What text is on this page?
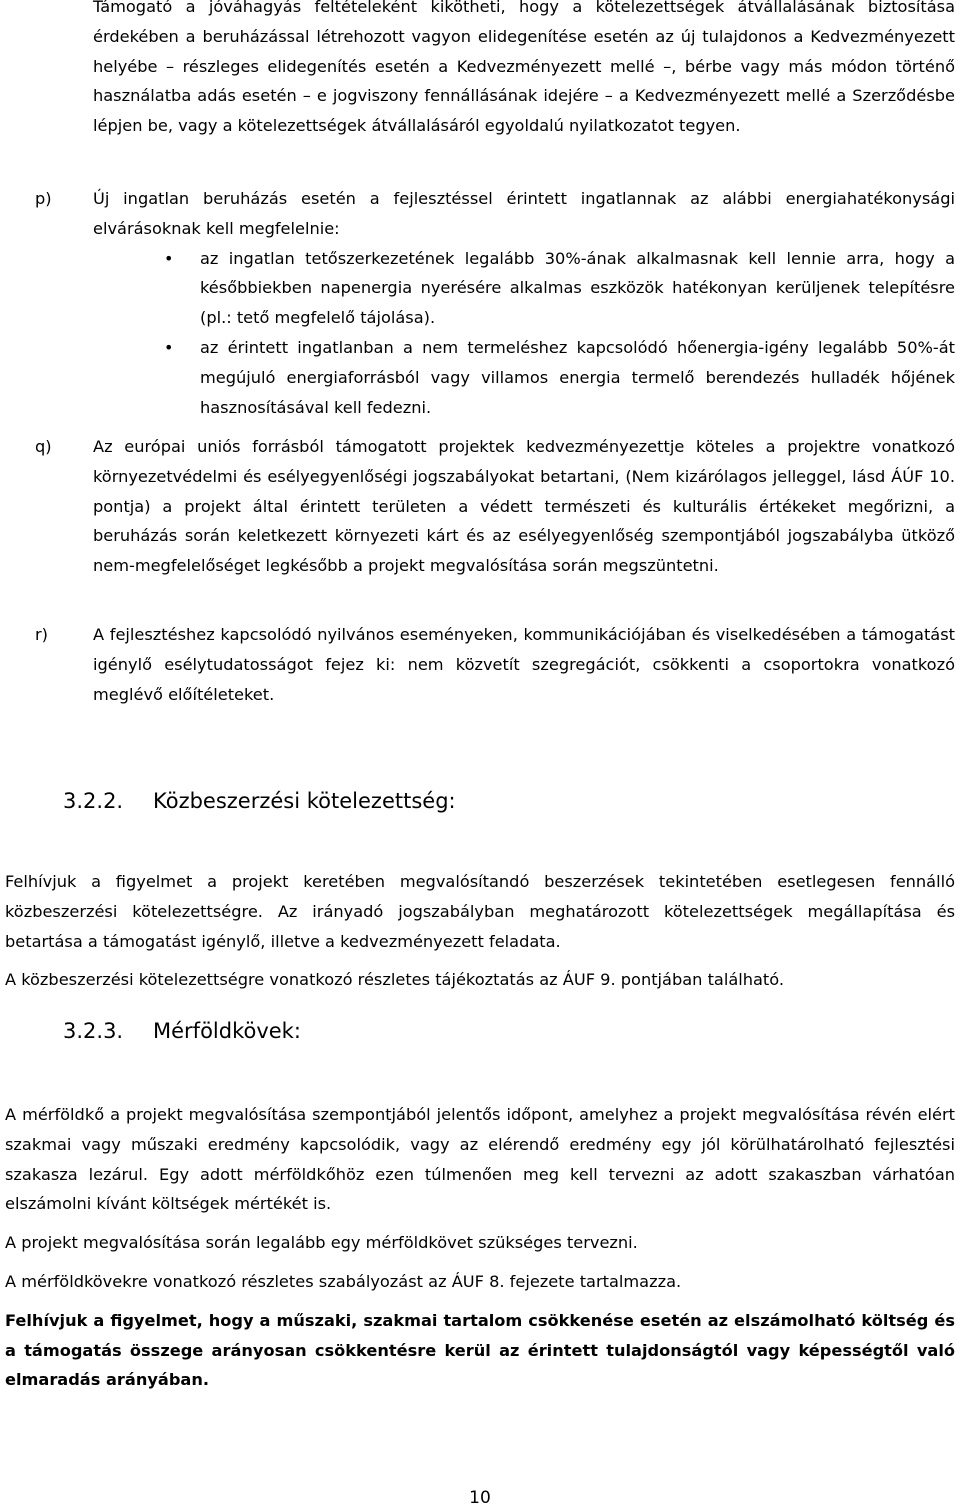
Támogató a jóváhagyás feltételeként kikötheti, hogy a kötelezettségek átvállalásának biztosítása érdekében a beruházással létrehozott vagyon elidegenítése esetén az új tulajdonos a Kedvezményezett helyébe – részleges elidegenítés esetén a Kedvezményezett mellé –, bérbe vagy más módon történő használatba adás esetén – e jogviszony fennállásának idejére – a Kedvezményezett mellé a Szerződésbe lépjen be, vagy a kötelezettségek átvállalásáról egyoldalú nyilatkozatot tegyen.

p)	Új ingatlan beruházás esetén a fejlesztéssel érintett ingatlannak az alábbi energiahatékonysági elvárásoknak kell megfelelnie:

• az ingatlan tetőszerkezetének legalább 30%-ának alkalmasnak kell lennie arra, hogy a későbbiekben napenergia nyerésére alkalmas eszközök hatékonyan kerüljenek telepítésre (pl.: tető megfelelő tájolása).

• az érintett ingatlanban a nem termeléshez kapcsolódó hőenergia-igény legalább 50%-át megújuló energiaforrásból vagy villamos energia termelő berendezés hulladék hőjének hasznosításával kell fedezni.

q)	Az európai uniós forrásból támogatott projektek kedvezményezettje köteles a projektre vonatkozó környezetvédelmi és esélyegyenlőségi jogszabályokat betartani, (Nem kizárólagos jelleggel, lásd ÁÚF 10. pontja) a projekt által érintett területen a védett természeti és kulturális értékeket megőrizni, a beruházás során keletkezett környezeti kárt és az esélyegyenlőség szempontjából jogszabályba ütköző nem-megfelelőséget legkésőbb a projekt megvalósítása során megszüntetni.

r)	A fejlesztéshez kapcsolódó nyilvános eseményeken, kommunikációjában és viselkedésében a támogatást igénylő esélytudatosságot fejez ki: nem közvetít szegregációt, csökkenti a csoportokra vonatkozó meglévő előítéleteket.

3.2.2. Közbeszerzési kötelezettség:

Felhívjuk a figyelmet a projekt keretében megvalósítandó beszerzések tekintetében esetlegesen fennálló közbeszerzési kötelezettségre. Az irányadó jogszabályban meghatározott kötelezettségek megállapítása és betartása a támogatást igénylő, illetve a kedvezményezett feladata.

A közbeszerzési kötelezettségre vonatkozó részletes tájékoztatás az ÁUF 9. pontjában található.

3.2.3. Mérföldkövek:

A mérföldkő a projekt megvalósítása szempontjából jelentős időpont, amelyhez a projekt megvalósítása révén elért szakmai vagy műszaki eredmény kapcsolódik, vagy az elérendő eredmény egy jól körülhatárolható fejlesztési szakasza lezárul. Egy adott mérföldkőhöz ezen túlmenően meg kell tervezni az adott szakaszban várhatóan elszámolni kívánt költségek mértékét is.

A projekt megvalósítása során legalább egy mérföldkövet szükséges tervezni.

A mérföldkövekre vonatkozó részletes szabályozást az ÁUF 8. fejezete tartalmazza.

Felhívjuk a figyelmet, hogy a műszaki, szakmai tartalom csökkenése esetén az elszámolható költség és a támogatás összege arányosan csökkentésre kerül az érintett tulajdonságtól vagy képességtől való elmaradás arányában.

10
